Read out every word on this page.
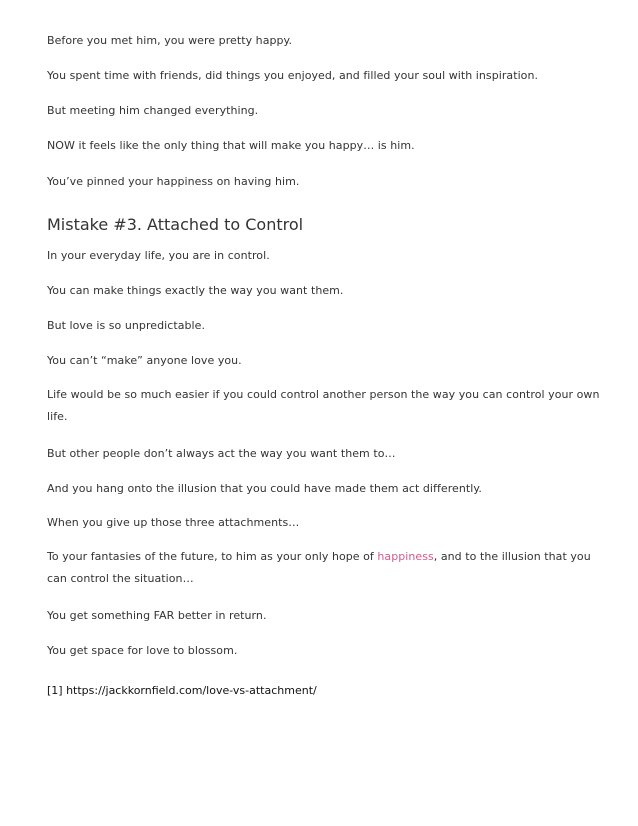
Before you met him, you were pretty happy.

You spent time with friends, did things you enjoyed, and filled your soul with inspiration.

But meeting him changed everything.

NOW it feels like the only thing that will make you happy… is him.

You’ve pinned your happiness on having him.

Mistake #3. Attached to Control

In your everyday life, you are in control.

You can make things exactly the way you want them.

But love is so unpredictable.

You can’t “make” anyone love you.

Life would be so much easier if you could control another person the way you can control your own life.

But other people don’t always act the way you want them to…

And you hang onto the illusion that you could have made them act differently.

When you give up those three attachments…

To your fantasies of the future, to him as your only hope of happiness, and to the illusion that you can control the situation…

You get something FAR better in return.

You get space for love to blossom.

[1] https://jackkornfield.com/love-vs-attachment/
